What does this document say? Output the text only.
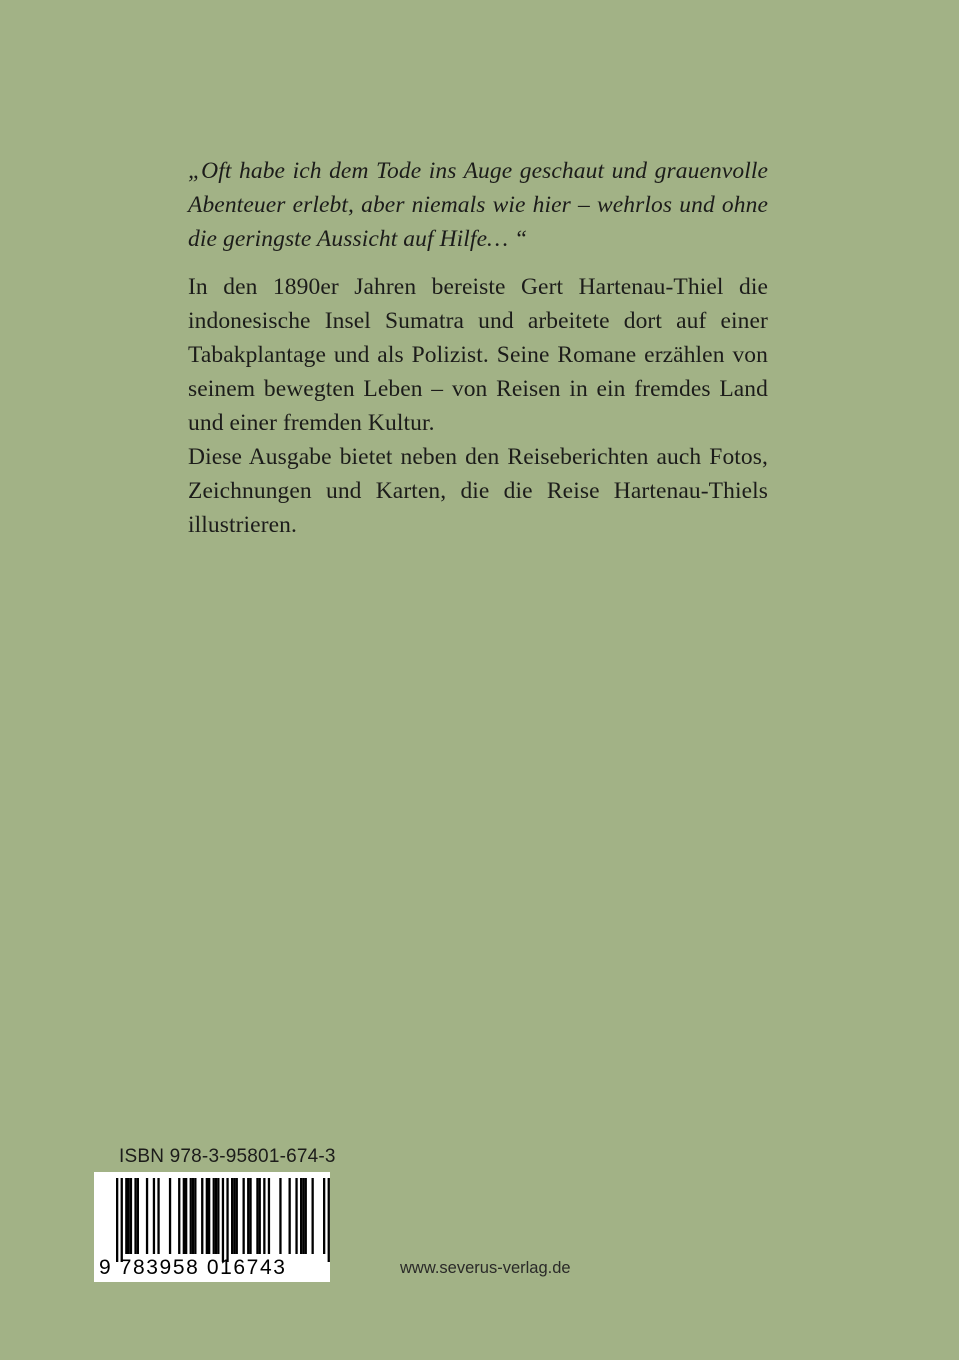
„Oft habe ich dem Tode ins Auge geschaut und grauenvolle Abenteuer erlebt, aber niemals wie hier – wehrlos und ohne die geringste Aussicht auf Hilfe… “

In den 1890er Jahren bereiste Gert Hartenau-Thiel die indonesische Insel Sumatra und arbeitete dort auf einer Tabakplantage und als Polizist. Seine Romane erzählen von seinem bewegten Leben – von Reisen in ein fremdes Land und einer fremden Kultur.

Diese Ausgabe bietet neben den Reiseberichten auch Fotos, Zeichnungen und Karten, die die Reise Hartenau-Thiels illustrieren.

ISBN 978-3-95801-674-3
9 783958 016743	www.severus-verlag.de
